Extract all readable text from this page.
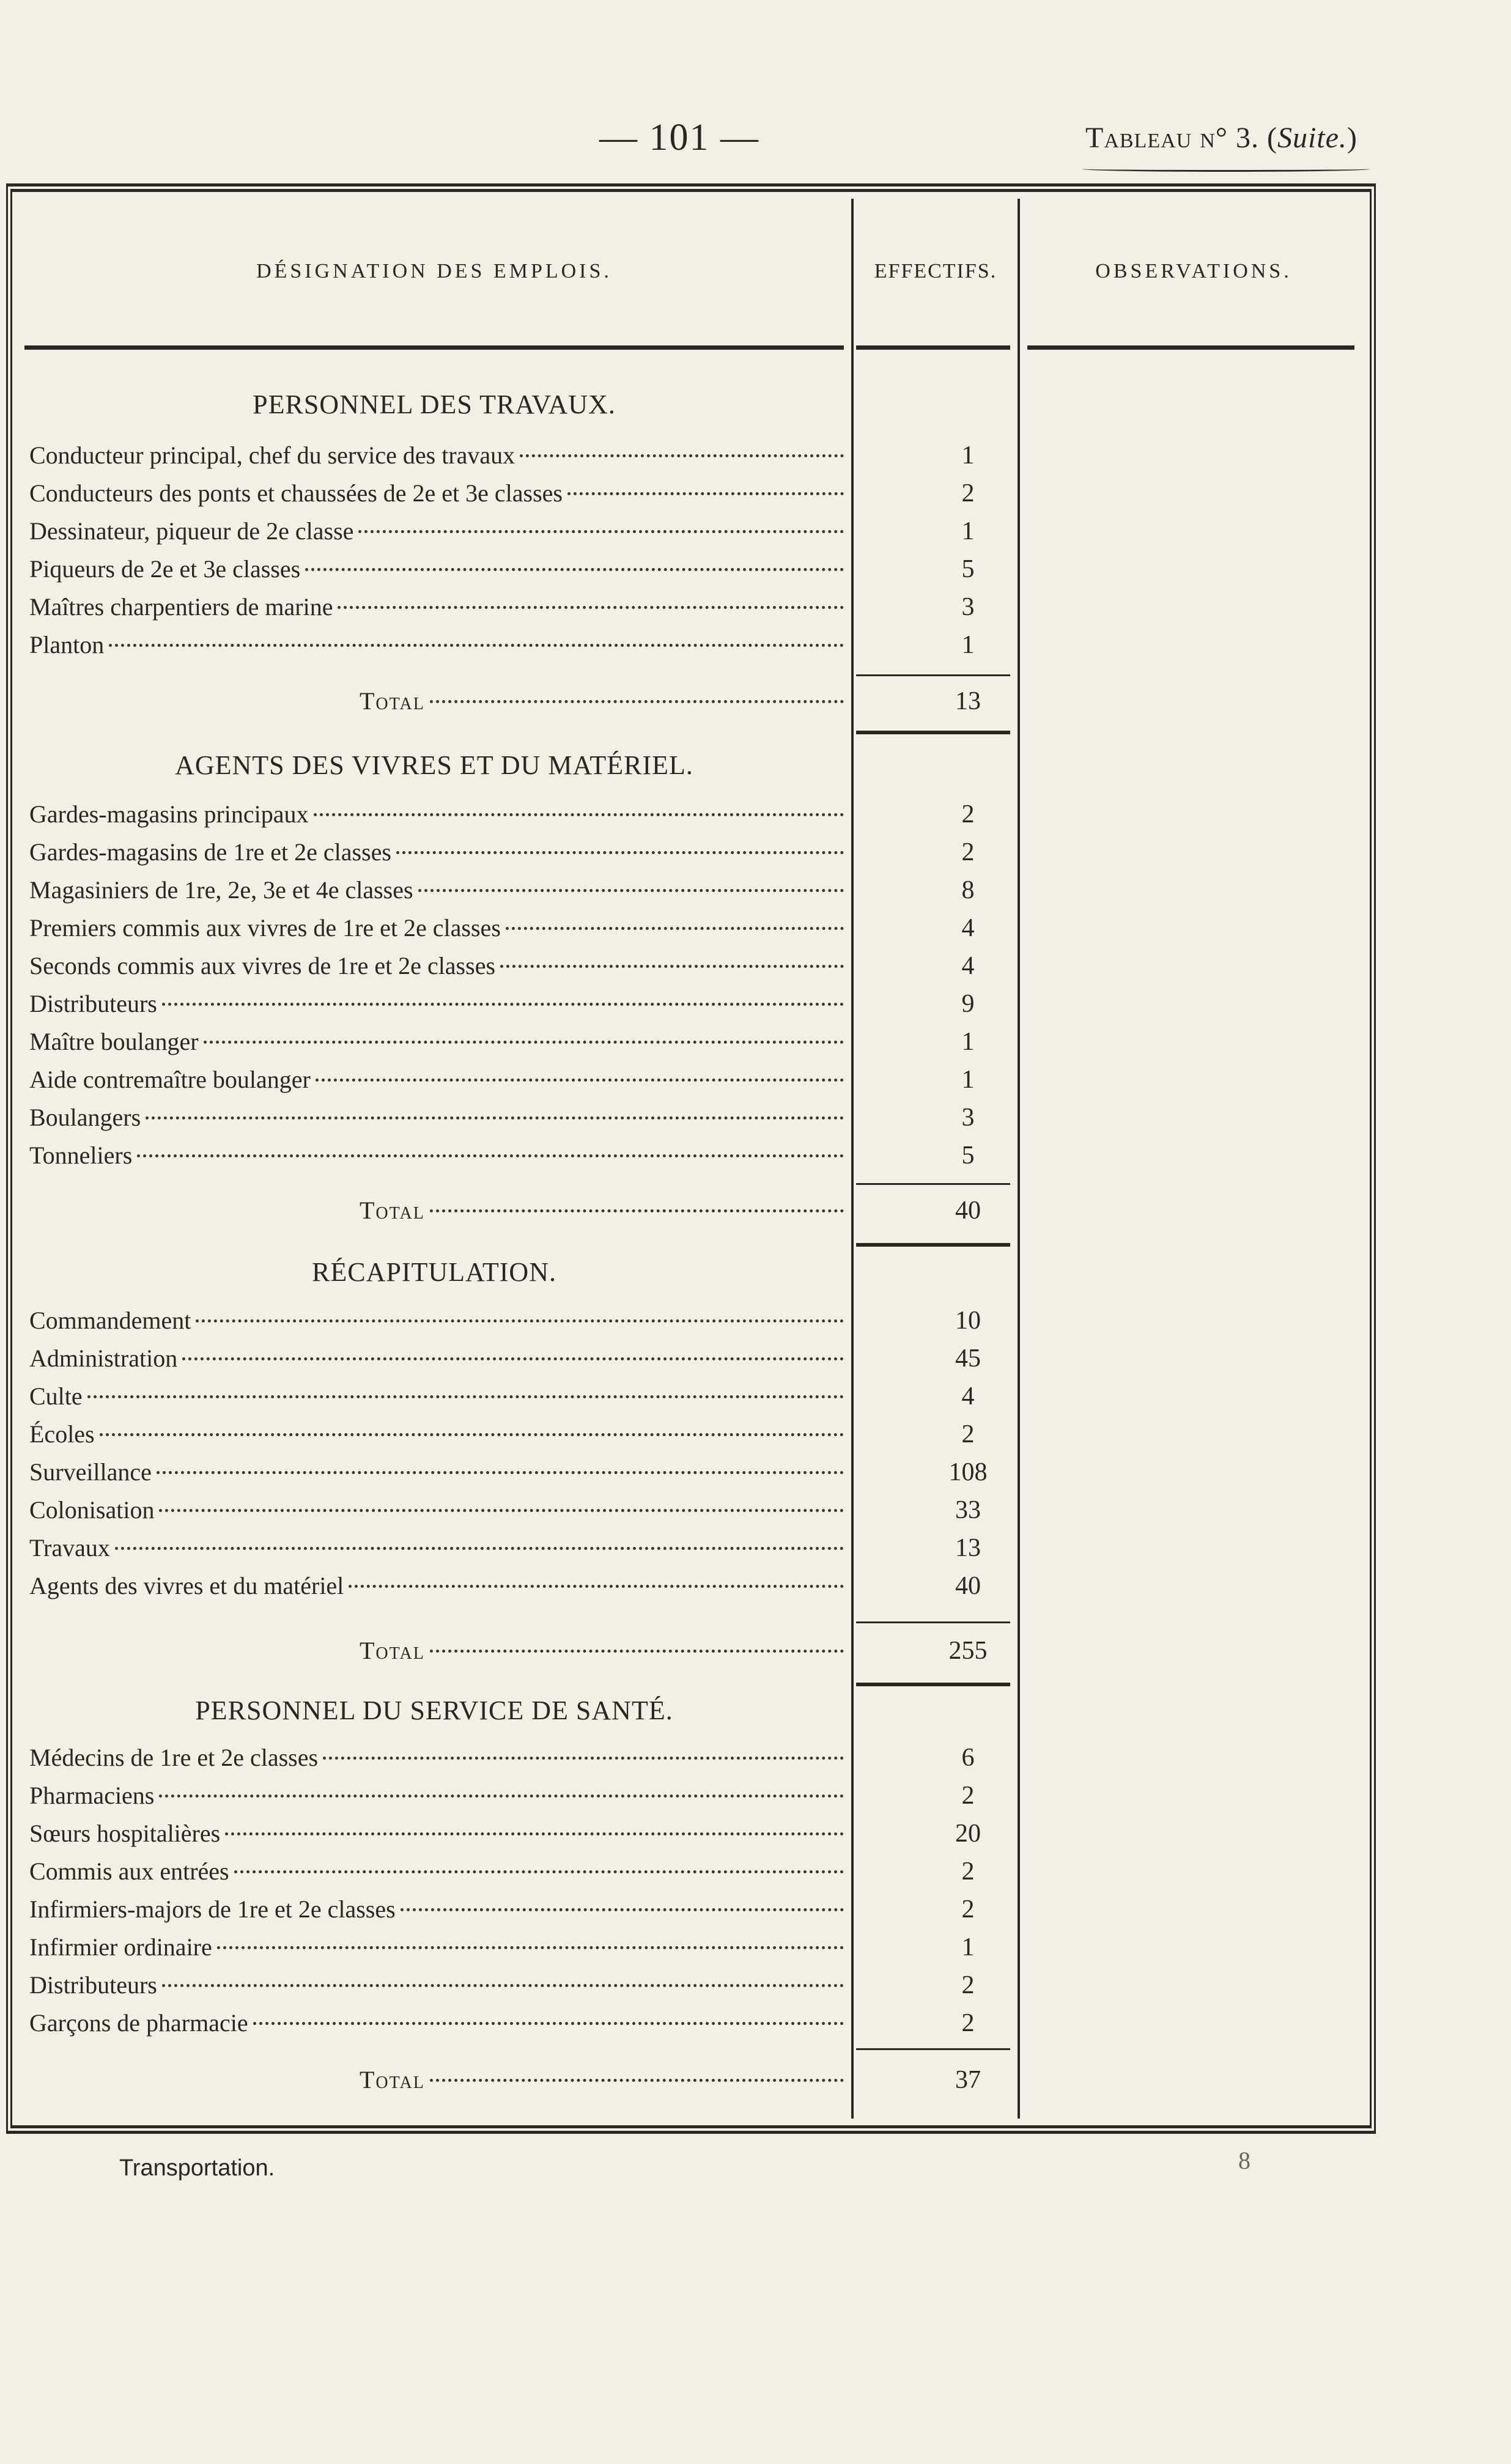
— 101 —	Tableau n° 3. (Suite.)
DÉSIGNATION DES EMPLOIS.	EFFECTIFS.	OBSERVATIONS.
PERSONNEL DES TRAVAUX.
Conducteur principal, chef du service des travaux	1
Conducteurs des ponts et chaussées de 2e et 3e classes	2
Dessinateur, piqueur de 2e classe	1
Piqueurs de 2e et 3e classes	5
Maîtres charpentiers de marine	3
Planton	1
Total	13
AGENTS DES VIVRES ET DU MATÉRIEL.
Gardes-magasins principaux	2
Gardes-magasins de 1re et 2e classes	2
Magasiniers de 1re, 2e, 3e et 4e classes	8
Premiers commis aux vivres de 1re et 2e classes	4
Seconds commis aux vivres de 1re et 2e classes	4
Distributeurs	9
Maître boulanger	1
Aide contremaître boulanger	1
Boulangers	3
Tonneliers	5
Total	40
RÉCAPITULATION.
Commandement	10
Administration	45
Culte	4
Écoles	2
Surveillance	108
Colonisation	33
Travaux	13
Agents des vivres et du matériel	40
Total	255
PERSONNEL DU SERVICE DE SANTÉ.
Médecins de 1re et 2e classes	6
Pharmaciens	2
Sœurs hospitalières	20
Commis aux entrées	2
Infirmiers-majors de 1re et 2e classes	2
Infirmier ordinaire	1
Distributeurs	2
Garçons de pharmacie	2
Total	37
Transportation.	8
